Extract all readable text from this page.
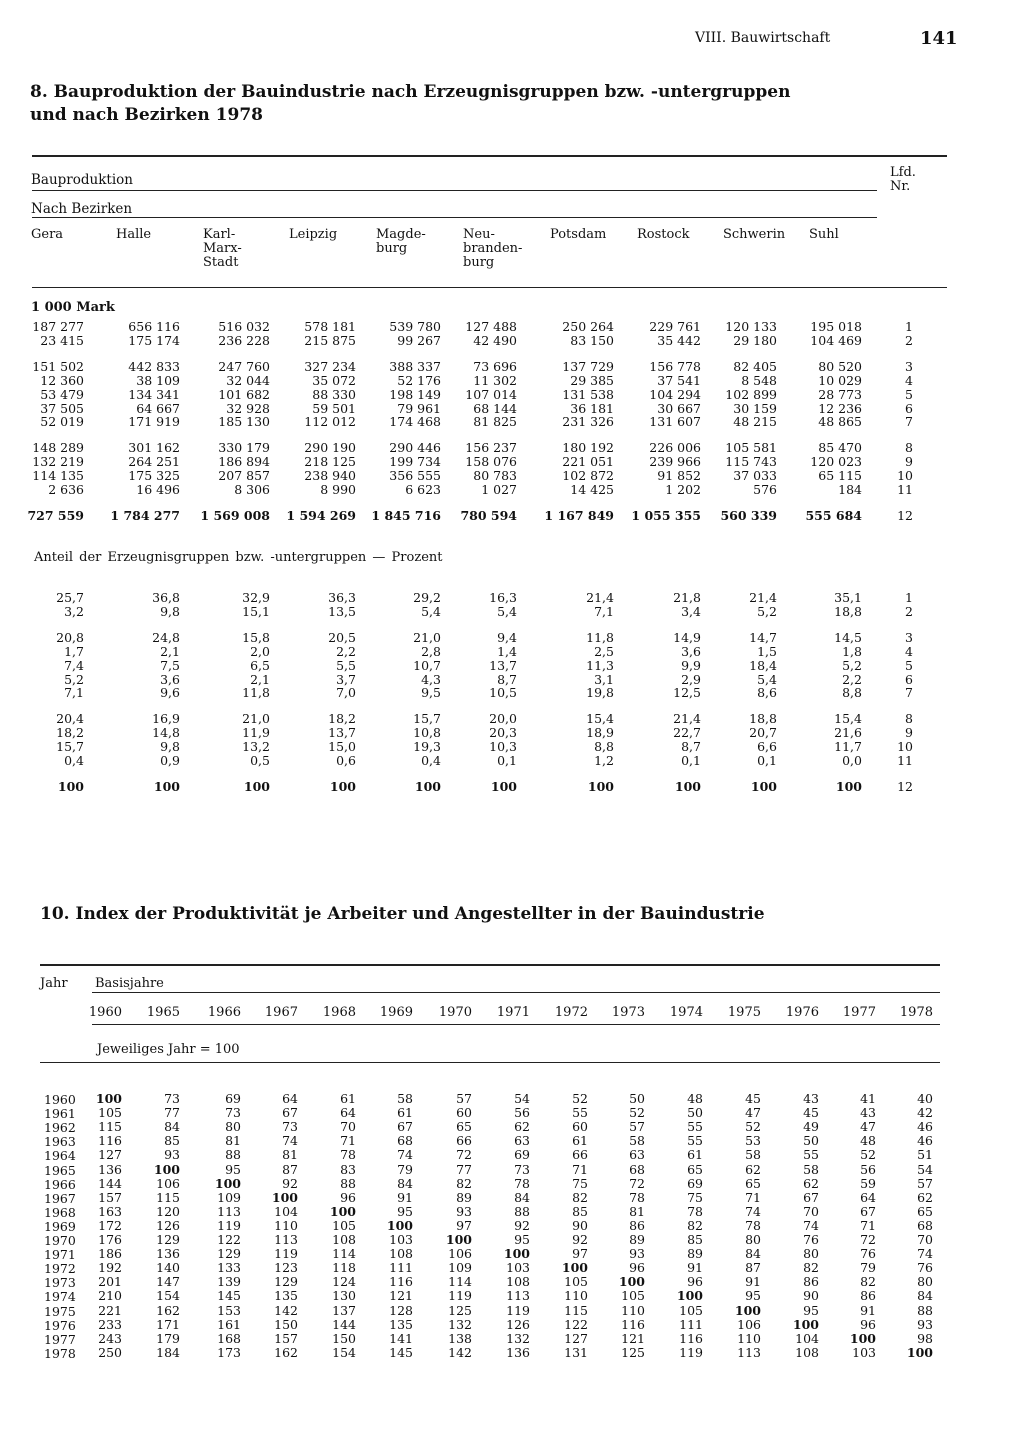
VIII. Bauwirtschaft	141
8. Bauproduktion der Bauindustrie nach Erzeugnisgruppen bzw. -untergruppen
und nach Bezirken 1978
Bauproduktion
Nach Bezirken
Lfd.
Nr.
Gera	Halle	Karl-
Marx-
Stadt
Leipzig	Magde-
burg
Neu-
branden-
burg
Potsdam Rostock	Schwerin Suhl
1 000 Mark
187 277	656 116	516 032	578 181	539 780	127 488	250 264	229 761	120 133	195 018	1
23 415	175 174	236 228	215 875	99 267	42 490	83 150	35 442	29 180	104 469	2
151 502	442 833	247 760	327 234	388 337	73 696	137 729	156 778	82 405	80 520	3
12 360	38 109	32 044	35 072	52 176	11 302	29 385	37 541	8 548	10 029	4
53 479	134 341	101 682	88 330	198 149	107 014	131 538	104 294	102 899	28 773	5
37 505	64 667	32 928	59 501	79 961	68 144	36 181	30 667	30 159	12 236	6
52 019	171 919	185 130	112 012	174 468	81 825	231 326	131 607	48 215	48 865	7
148 289	301 162	330 179	290 190	290 446	156 237	180 192	226 006	105 581	85 470	8
132 219	264 251	186 894	218 125	199 734	158 076	221 051	239 966	115 743	120 023	9
114 135	175 325	207 857	238 940	356 555	80 783	102 872	91 852	37 033	65 115	10
2 636	16 496	8 306	8 990	6 623	1 027	14 425	1 202	576	184	11
727 559	1 784 277	1 569 008	1 594 269	1 845 716	780 594	1 167 849	1 055 355	560 339	555 684	12
Anteil der Erzeugnisgruppen bzw. -untergruppen — Prozent
25,7	36,8	32,9	36,3	29,2	16,3	21,4	21,8	21,4	35,1	1
3,2	9,8	15,1	13,5	5,4	5,4	7,1	3,4	5,2	18,8	2
20,8	24,8	15,8	20,5	21,0	9,4	11,8	14,9	14,7	14,5	3
1,7	2,1	2,0	2,2	2,8	1,4	2,5	3,6	1,5	1,8	4
7,4	7,5	6,5	5,5	10,7	13,7	11,3	9,9	18,4	5,2	5
5,2	3,6	2,1	3,7	4,3	8,7	3,1	2,9	5,4	2,2	6
7,1	9,6	11,8	7,0	9,5	10,5	19,8	12,5	8,6	8,8	7
20,4	16,9	21,0	18,2	15,7	20,0	15,4	21,4	18,8	15,4	8
18,2	14,8	11,9	13,7	10,8	20,3	18,9	22,7	20,7	21,6	9
15,7	9,8	13,2	15,0	19,3	10,3	8,8	8,7	6,6	11,7	10
0,4	0,9	0,5	0,6	0,4	0,1	1,2	0,1	0,1	0,0	11
100	100	100	100	100	100	100	100	100	100	12
10. Index der Produktivität je Arbeiter und Angestellter in der Bauindustrie
Jahr Basisjahre
1960	1965	1966	1967	1968	1969	1970	1971	1972	1973	1974	1975	1976	1977	1978
Jeweiliges Jahr = 100
1960	100	73	69	64	61	58	57	54	52	50	48	45	43	41	40
1961	105	77	73	67	64	61	60	56	55	52	50	47	45	43	42
1962	115	84	80	73	70	67	65	62	60	57	55	52	49	47	46
1963	116	85	81	74	71	68	66	63	61	58	55	53	50	48	46
1964	127	93	88	81	78	74	72	69	66	63	61	58	55	52	51
1965	136	100	95	87	83	79	77	73	71	68	65	62	58	56	54
1966	144	106	100	92	88	84	82	78	75	72	69	65	62	59	57
1967	157	115	109	100	96	91	89	84	82	78	75	71	67	64	62
1968	163	120	113	104	100	95	93	88	85	81	78	74	70	67	65
1969	172	126	119	110	105	100	97	92	90	86	82	78	74	71	68
1970	176	129	122	113	108	103	100	95	92	89	85	80	76	72	70
1971	186	136	129	119	114	108	106	100	97	93	89	84	80	76	74
1972	192	140	133	123	118	111	109	103	100	96	91	87	82	79	76
1973	201	147	139	129	124	116	114	108	105	100	96	91	86	82	80
1974	210	154	145	135	130	121	119	113	110	105	100	95	90	86	84
1975	221	162	153	142	137	128	125	119	115	110	105	100	95	91	88
1976	233	171	161	150	144	135	132	126	122	116	111	106	100	96	93
1977	243	179	168	157	150	141	138	132	127	121	116	110	104	100	98
1978	250	184	173	162	154	145	142	136	131	125	119	113	108	103	100
